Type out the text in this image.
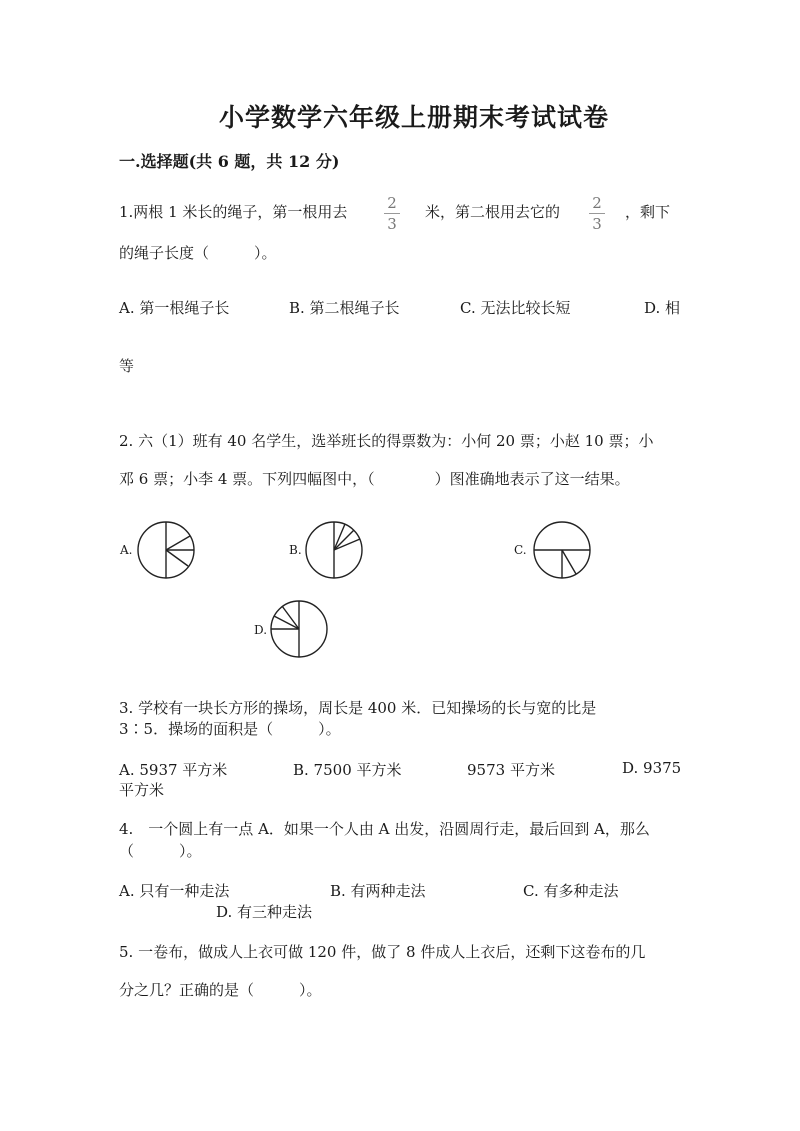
小学数学六年级上册期末考试试卷
一.选择题(共 6 题，共 12 分)
1.两根 1 米长的绳子，第一根用去	2
3
米，第二根用去它的	2
3
，剩下
的绳子长度（　　　）。
A. 第一根绳子长	B. 第二根绳子长	C. 无法比较长短	D. 相
等
2. 六（1）班有 40 名学生，选举班长的得票数为：小何 20 票；小赵 10 票；小
邓 6 票；小李 4 票。下列四幅图中，（　　　　）图准确地表示了这一结果。
A.	B.	C.
D.
3. 学校有一块长方形的操场，周长是 400 米．已知操场的长与宽的比是
3∶5．操场的面积是（　　　）。
A. 5937 平方米	B. 7500 平方米	9573 平方米	D. 9375
平方米
4.　一个圆上有一点 A．如果一个人由 A 出发，沿圆周行走，最后回到 A，那么
（　　　）。
A. 只有一种走法	B. 有两种走法	C. 有多种走法
D. 有三种走法
5. 一卷布，做成人上衣可做 120 件，做了 8 件成人上衣后，还剩下这卷布的几
分之几？正确的是（　　　）。
